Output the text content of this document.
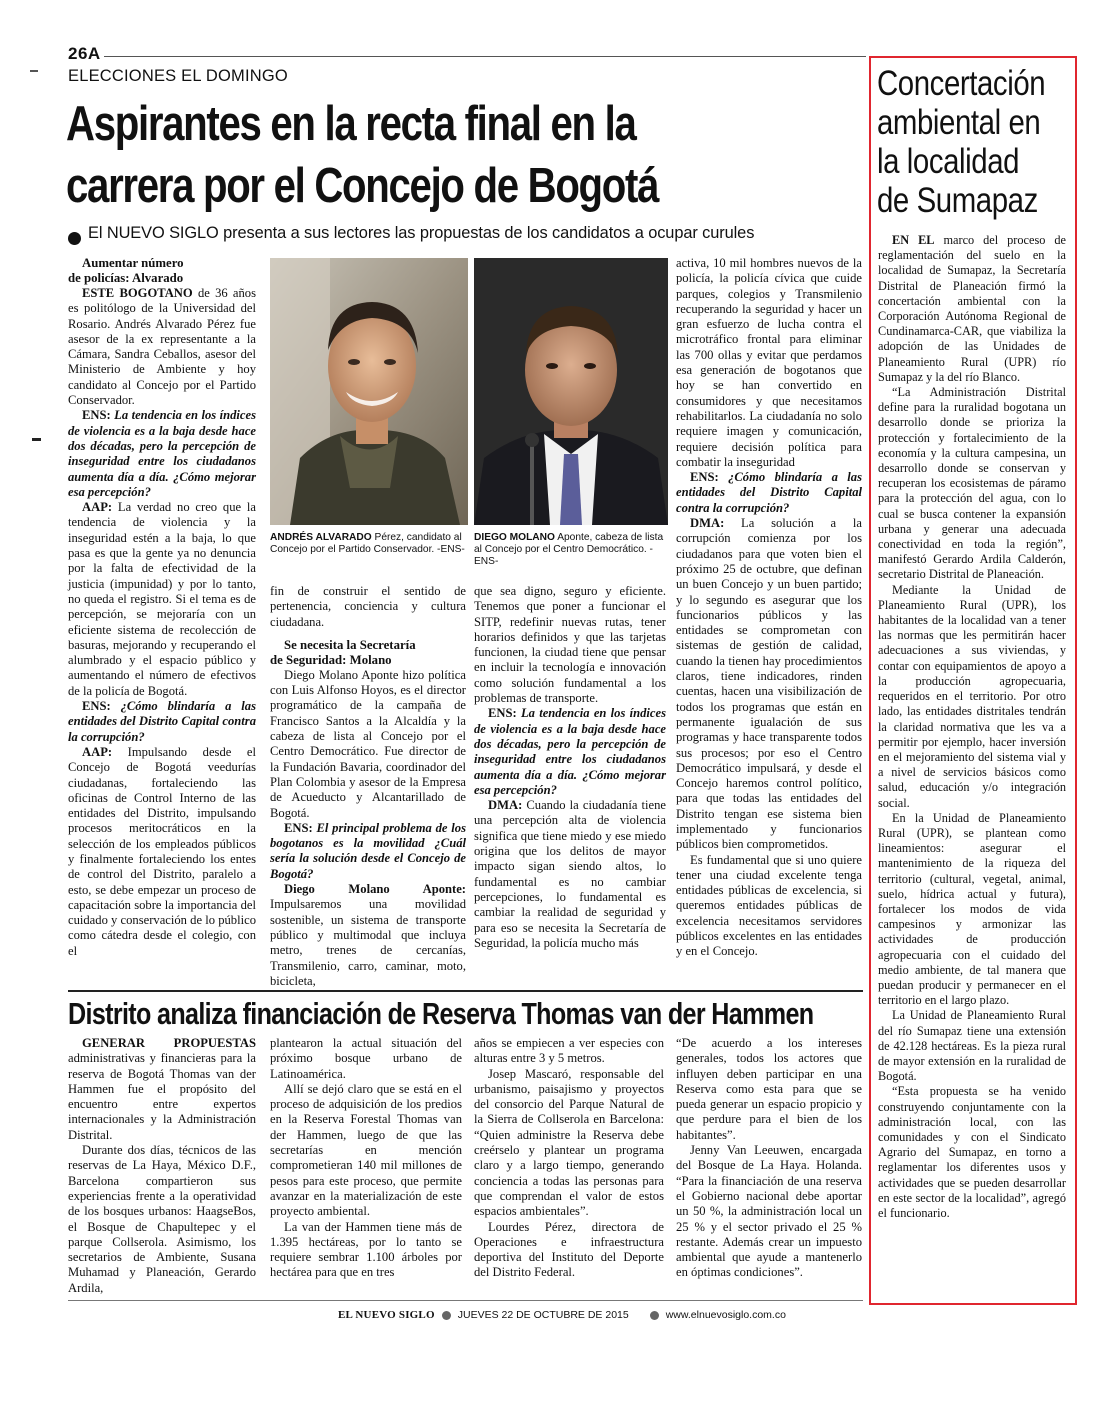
26A
ELECCIONES EL DOMINGO
Aspirantes en la recta final en la
carrera por el Concejo de Bogotá
El NUEVO SIGLO presenta a sus lectores las propuestas de los candidatos a ocupar curules

Aumentar número
de policías: Alvarado

ESTE BOGOTANO de 36 años es politólogo de la Universidad del Rosario. Andrés Alvarado Pérez fue asesor de la ex representante a la Cámara, Sandra Ceballos, asesor del Ministerio de Ambiente y hoy candidato al Concejo por el Partido Conservador.

ENS: La tendencia en los índices de violencia es a la baja desde hace dos décadas, pero la percepción de inseguridad entre los ciudadanos aumenta día a día. ¿Cómo mejorar esa percepción?

AAP: La verdad no creo que la tendencia de violencia y la inseguridad estén a la baja, lo que pasa es que la gente ya no denuncia por la falta de efectividad de la justicia (impunidad) y por lo tanto, no queda el registro. Si el tema es de percepción, se mejoraría con un eficiente sistema de recolección de basuras, mejorando y recuperando el alumbrado y el espacio público y aumentando el número de efectivos de la policía de Bogotá.

ENS: ¿Cómo blindaría a las entidades del Distrito Capital contra la corrupción?

AAP: Impulsando desde el Concejo de Bogotá veedurías ciudadanas, fortaleciendo las oficinas de Control Interno de las entidades del Distrito, impulsando procesos meritocráticos en la selección de los empleados públicos y finalmente fortaleciendo los entes de control del Distrito, paralelo a esto, se debe empezar un proceso de capacitación sobre la importancia del cuidado y conservación de lo público como cátedra desde el colegio, con el

ANDRÉS ALVARADO Pérez, candidato al Concejo por el Partido Conservador. -ENS-
DIEGO MOLANO Aponte, cabeza de lista al Concejo por el Centro Democrático. -ENS-

fin de construir el sentido de pertenencia, conciencia y cultura ciudadana.

Se necesita la Secretaría
de Seguridad: Molano

Diego Molano Aponte hizo política con Luis Alfonso Hoyos, es el director programático de la campaña de Francisco Santos a la Alcaldía y la cabeza de lista al Concejo por el Centro Democrático. Fue director de la Fundación Bavaria, coordinador del Plan Colombia y asesor de la Empresa de Acueducto y Alcantarillado de Bogotá.

ENS: El principal problema de los bogotanos es la movilidad ¿Cuál sería la solución desde el Concejo de Bogotá?

Diego Molano Aponte: Impulsaremos una movilidad sostenible, un sistema de transporte público y multimodal que incluya metro, trenes de cercanías, Transmilenio, carro, caminar, moto, bicicleta,

que sea digno, seguro y eficiente. Tenemos que poner a funcionar el SITP, redefinir nuevas rutas, tener horarios definidos y que las tarjetas funcionen, la ciudad tiene que pensar en incluir la tecnología e innovación como solución fundamental a los problemas de transporte.

ENS: La tendencia en los índices de violencia es a la baja desde hace dos décadas, pero la percepción de inseguridad entre los ciudadanos aumenta día a día. ¿Cómo mejorar esa percepción?

DMA: Cuando la ciudadanía tiene una percepción alta de violencia significa que tiene miedo y ese miedo origina que los delitos de mayor impacto sigan siendo altos, lo fundamental es no cambiar percepciones, lo fundamental es cambiar la realidad de seguridad y para eso se necesita la Secretaría de Seguridad, la policía mucho más

activa, 10 mil hombres nuevos de la policía, la policía cívica que cuide parques, colegios y Transmilenio recuperando la seguridad y hacer un gran esfuerzo de lucha contra el microtráfico frontal para eliminar las 700 ollas y evitar que perdamos esa generación de bogotanos que hoy se han convertido en consumidores y que necesitamos rehabilitarlos. La ciudadanía no solo requiere imagen y comunicación, requiere decisión política para combatir la inseguridad

ENS: ¿Cómo blindaría a las entidades del Distrito Capital contra la corrupción?

DMA: La solución a la corrupción comienza por los ciudadanos para que voten bien el próximo 25 de octubre, que definan un buen Concejo y un buen partido; y lo segundo es asegurar que los funcionarios públicos y las entidades se comprometan con sistemas de gestión de calidad, cuando la tienen hay procedimientos claros, tiene indicadores, rinden cuentas, hacen una visibilización de todos los programas que están en permanente igualación de sus programas y hace transparente todos sus procesos; por eso el Centro Democrático impulsará, y desde el Concejo haremos control político, para que todas las entidades del Distrito tengan ese sistema bien implementado y funcionarios públicos bien comprometidos.

Es fundamental que si uno quiere tener una ciudad excelente tenga entidades públicas de excelencia, si queremos entidades públicas de excelencia necesitamos servidores públicos excelentes en las entidades y en el Concejo.

Distrito analiza financiación de Reserva Thomas van der Hammen

GENERAR PROPUESTAS administrativas y financieras para la reserva de Bogotá Thomas van der Hammen fue el propósito del encuentro entre expertos internacionales y la Administración Distrital.

Durante dos días, técnicos de las reservas de La Haya, México D.F., Barcelona compartieron sus experiencias frente a la operatividad de los bosques urbanos: HaagseBos, el Bosque de Chapultepec y el parque Collserola. Asimismo, los secretarios de Ambiente, Susana Muhamad y Planeación, Gerardo Ardila,

plantearon la actual situación del próximo bosque urbano de Latinoamérica.

Allí se dejó claro que se está en el proceso de adquisición de los predios en la Reserva Forestal Thomas van der Hammen, luego de que las secretarías en mención comprometieran 140 mil millones de pesos para este proceso, que permite avanzar en la materialización de este proyecto ambiental.

La van der Hammen tiene más de 1.395 hectáreas, por lo tanto se requiere sembrar 1.100 árboles por hectárea para que en tres

años se empiecen a ver especies con alturas entre 3 y 5 metros.

Josep Mascaró, responsable del urbanismo, paisajismo y proyectos del consorcio del Parque Natural de la Sierra de Collserola en Barcelona: “Quien administre la Reserva debe creérselo y plantear un programa claro y a largo tiempo, generando conciencia a todas las personas para que comprendan el valor de estos espacios ambientales”.

Lourdes Pérez, directora de Operaciones e infraestructura deportiva del Instituto del Deporte del Distrito Federal.

“De acuerdo a los intereses generales, todos los actores que influyen deben participar en una Reserva como esta para que se pueda generar un espacio propicio y que perdure para el bien de los habitantes”.

Jenny Van Leeuwen, encargada del Bosque de La Haya. Holanda. “Para la financiación de una reserva el Gobierno nacional debe aportar un 50 %, la administración local un 25 % y el sector privado el 25 % restante. Además crear un impuesto ambiental que ayude a mantenerlo en óptimas condiciones”.

Concertación
ambiental en
la localidad
de Sumapaz

EN EL marco del proceso de reglamentación del suelo en la localidad de Sumapaz, la Secretaría Distrital de Planeación firmó la concertación ambiental con la Corporación Autónoma Regional de Cundinamarca-CAR, que viabiliza la adopción de las Unidades de Planeamiento Rural (UPR) río Sumapaz y la del río Blanco.

“La Administración Distrital define para la ruralidad bogotana un desarrollo donde se prioriza la protección y fortalecimiento de la economía y la cultura campesina, un desarrollo donde se conservan y recuperan los ecosistemas de páramo para la protección del agua, con lo cual se busca contener la expansión urbana y generar una adecuada conectividad en toda la región”, manifestó Gerardo Ardila Calderón, secretario Distrital de Planeación.

Mediante la Unidad de Planeamiento Rural (UPR), los habitantes de la localidad van a tener las normas que les permitirán hacer adecuaciones a sus viviendas, y contar con equipamientos de apoyo a la producción agropecuaria, requeridos en el territorio. Por otro lado, las entidades distritales tendrán la claridad normativa que les va a permitir por ejemplo, hacer inversión en el mejoramiento del sistema vial y a nivel de servicios básicos como salud, educación y/o integración social.

En la Unidad de Planeamiento Rural (UPR), se plantean como lineamientos: asegurar el mantenimiento de la riqueza del territorio (cultural, vegetal, animal, suelo, hídrica actual y futura), fortalecer los modos de vida campesinos y armonizar las actividades de producción agropecuaria con el cuidado del medio ambiente, de tal manera que puedan producir y permanecer en el territorio en el largo plazo.

La Unidad de Planeamiento Rural del río Sumapaz tiene una extensión de 42.128 hectáreas. Es la pieza rural de mayor extensión en la ruralidad de Bogotá.

“Esta propuesta se ha venido construyendo conjuntamente con la administración local, con las comunidades y con el Sindicato Agrario del Sumapaz, en torno a reglamentar los diferentes usos y actividades que se pueden desarrollar en este sector de la localidad”, agregó el funcionario.

EL NUEVO SIGLO JUEVES 22 DE OCTUBRE DE 2015	www.elnuevosiglo.com.co
